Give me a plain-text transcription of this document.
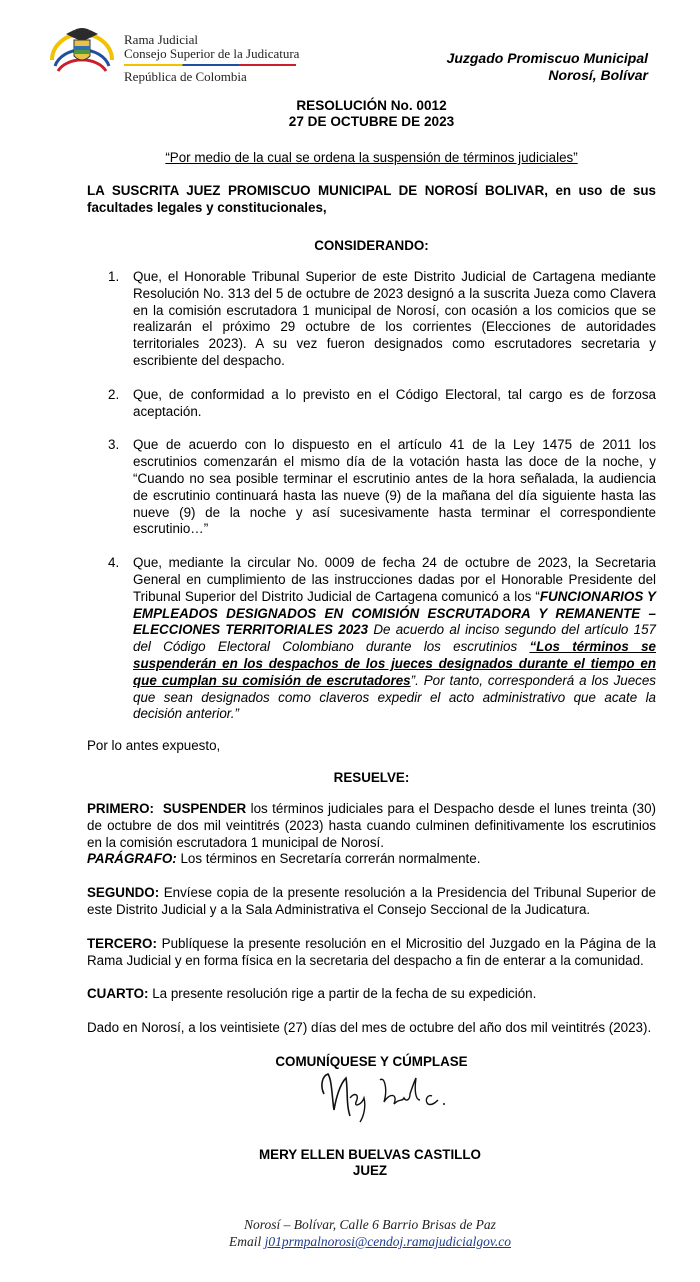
Rama Judicial
Consejo Superior de la Judicatura
República de Colombia
Juzgado Promiscuo Municipal
Norosí, Bolívar
RESOLUCIÓN No. 0012
27 DE OCTUBRE DE 2023
“Por medio de la cual se ordena la suspensión de términos judiciales”
LA SUSCRITA JUEZ PROMISCUO MUNICIPAL DE NOROSÍ BOLIVAR, en uso de sus facultades legales y constitucionales,
CONSIDERANDO:
1. Que, el Honorable Tribunal Superior de este Distrito Judicial de Cartagena mediante Resolución No. 313 del 5 de octubre de 2023 designó a la suscrita Jueza como Clavera en la comisión escrutadora 1 municipal de Norosí, con ocasión a los comicios que se realizarán el próximo 29 octubre de los corrientes (Elecciones de autoridades territoriales 2023). A su vez fueron designados como escrutadores secretaria y escribiente del despacho.
2. Que, de conformidad a lo previsto en el Código Electoral, tal cargo es de forzosa aceptación.
3. Que de acuerdo con lo dispuesto en el artículo 41 de la Ley 1475 de 2011 los escrutinios comenzarán el mismo día de la votación hasta las doce de la noche, y “Cuando no sea posible terminar el escrutinio antes de la hora señalada, la audiencia de escrutinio continuará hasta las nueve (9) de la mañana del día siguiente hasta las nueve (9) de la noche y así sucesivamente hasta terminar el correspondiente escrutinio…”
4. Que, mediante la circular No. 0009 de fecha 24 de octubre de 2023, la Secretaria General en cumplimiento de las instrucciones dadas por el Honorable Presidente del Tribunal Superior del Distrito Judicial de Cartagena comunicó a los “FUNCIONARIOS Y EMPLEADOS DESIGNADOS EN COMISIÓN ESCRUTADORA Y REMANENTE – ELECCIONES TERRITORIALES 2023 De acuerdo al inciso segundo del artículo 157 del Código Electoral Colombiano durante los escrutinios “Los términos se suspenderán en los despachos de los jueces designados durante el tiempo en que cumplan su comisión de escrutadores”. Por tanto, corresponderá a los Jueces que sean designados como claveros expedir el acto administrativo que acate la decisión anterior.”
Por lo antes expuesto,
RESUELVE:
PRIMERO: SUSPENDER los términos judiciales para el Despacho desde el lunes treinta (30) de octubre de dos mil veintitrés (2023) hasta cuando culminen definitivamente los escrutinios en la comisión escrutadora 1 municipal de Norosí.
PARÁGRAFO: Los términos en Secretaría correrán normalmente.
SEGUNDO: Envíese copia de la presente resolución a la Presidencia del Tribunal Superior de este Distrito Judicial y a la Sala Administrativa el Consejo Seccional de la Judicatura.
TERCERO: Publíquese la presente resolución en el Micrositio del Juzgado en la Página de la Rama Judicial y en forma física en la secretaria del despacho a fin de enterar a la comunidad.
CUARTO: La presente resolución rige a partir de la fecha de su expedición.
Dado en Norosí, a los veintisiete (27) días del mes de octubre del año dos mil veintitrés (2023).
COMUNÍQUESE Y CÚMPLASE
MERY ELLEN BUELVAS CASTILLO
JUEZ
Norosí – Bolívar, Calle 6 Barrio Brisas de Paz
Email j01prmpalnorosi@cendoj.ramajudicialgov.co
